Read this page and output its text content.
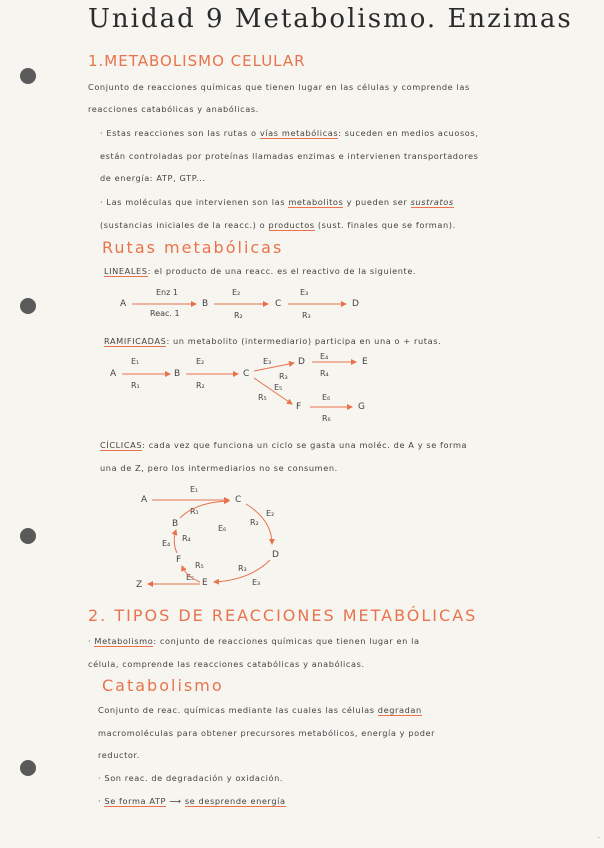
Unidad 9 Metabolismo. Enzimas
1.METABOLISMO CELULAR
Conjunto de reacciones químicas que tienen lugar en las células y comprende las
reacciones catabólicas y anabólicas.
· Estas reacciones son las rutas o vías metabólicas: suceden en medios acuosos,
están controladas por proteínas llamadas enzimas e intervienen transportadores
de energía: ATP, GTP...
· Las moléculas que intervienen son las metabolitos y pueden ser sustratos
(sustancias iniciales de la reacc.) o productos (sust. finales que se forman).
Rutas metabólicas
LINEALES: el producto de una reacc. es el reactivo de la siguiente.
A	B	C	D
Enz 1	E₂	E₃
Reac. 1	R₂	R₃
RAMIFICADAS: un metabolito (intermediario) participa en una o + rutas.
A	B	C
D	E
F	G
E₁
R₁
E₂
R₂
E₃
R₃
E₅
R₅
E₄
R₄
E₆
R₆
CÍCLICAS: cada vez que funciona un ciclo se gasta una moléc. de A y se forma
una de Z, pero los intermediarios no se consumen.
A	C
B
D
E
F
Z
E₁
R₁	E₂
R₂
E₃
R₃
E₄
R₄
E₅
R₅
E₆
2. TIPOS DE REACCIONES METABÓLICAS
· Metabolismo: conjunto de reacciones químicas que tienen lugar en la
célula, comprende las reacciones catabólicas y anabólicas.
Catabolismo
Conjunto de reac. químicas mediante las cuales las células degradan
macromoléculas para obtener precursores metabólicos, energía y poder
reductor.
· Son reac. de degradación y oxidación.
· Se forma ATP ⟶ se desprende energía
·
